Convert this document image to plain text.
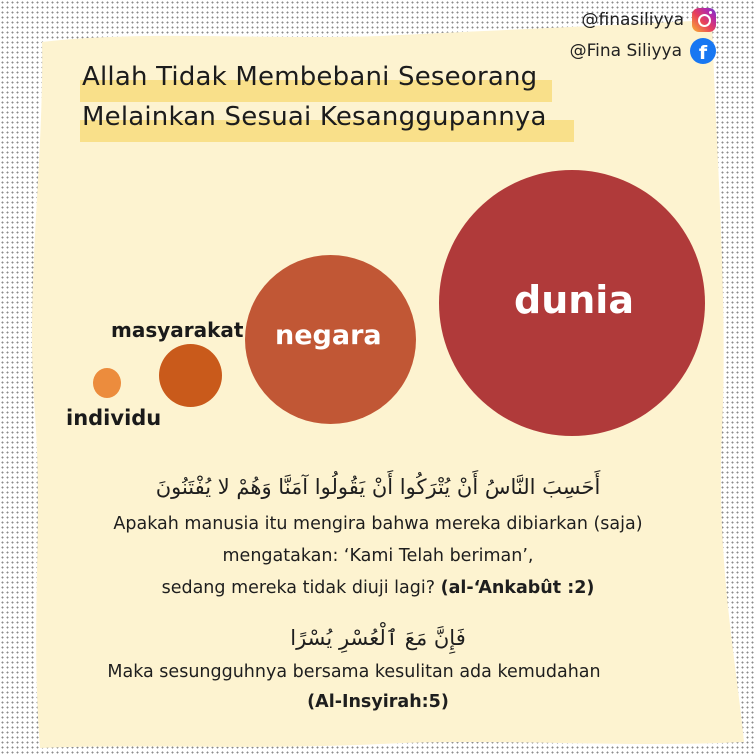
@finasiliyya
@Fina Siliyya f
Allah Tidak Membebani Seseorang
Melainkan Sesuai Kesanggupannya
individu
masyarakat negara
dunia
أَحَسِبَ النَّاسُ أَنْ يُتْرَكُوا أَنْ يَقُولُوا آمَنَّا وَهُمْ لا يُفْتَنُونَ
Apakah manusia itu mengira bahwa mereka dibiarkan (saja)
mengatakan: ‘Kami Telah beriman’,
sedang mereka tidak diuji lagi? (al-‘Ankabût :2)
فَإِنَّ مَعَ ٱلْعُسْرِ يُسْرًا
Maka sesungguhnya bersama kesulitan ada kemudahan
(Al-Insyirah:5)
